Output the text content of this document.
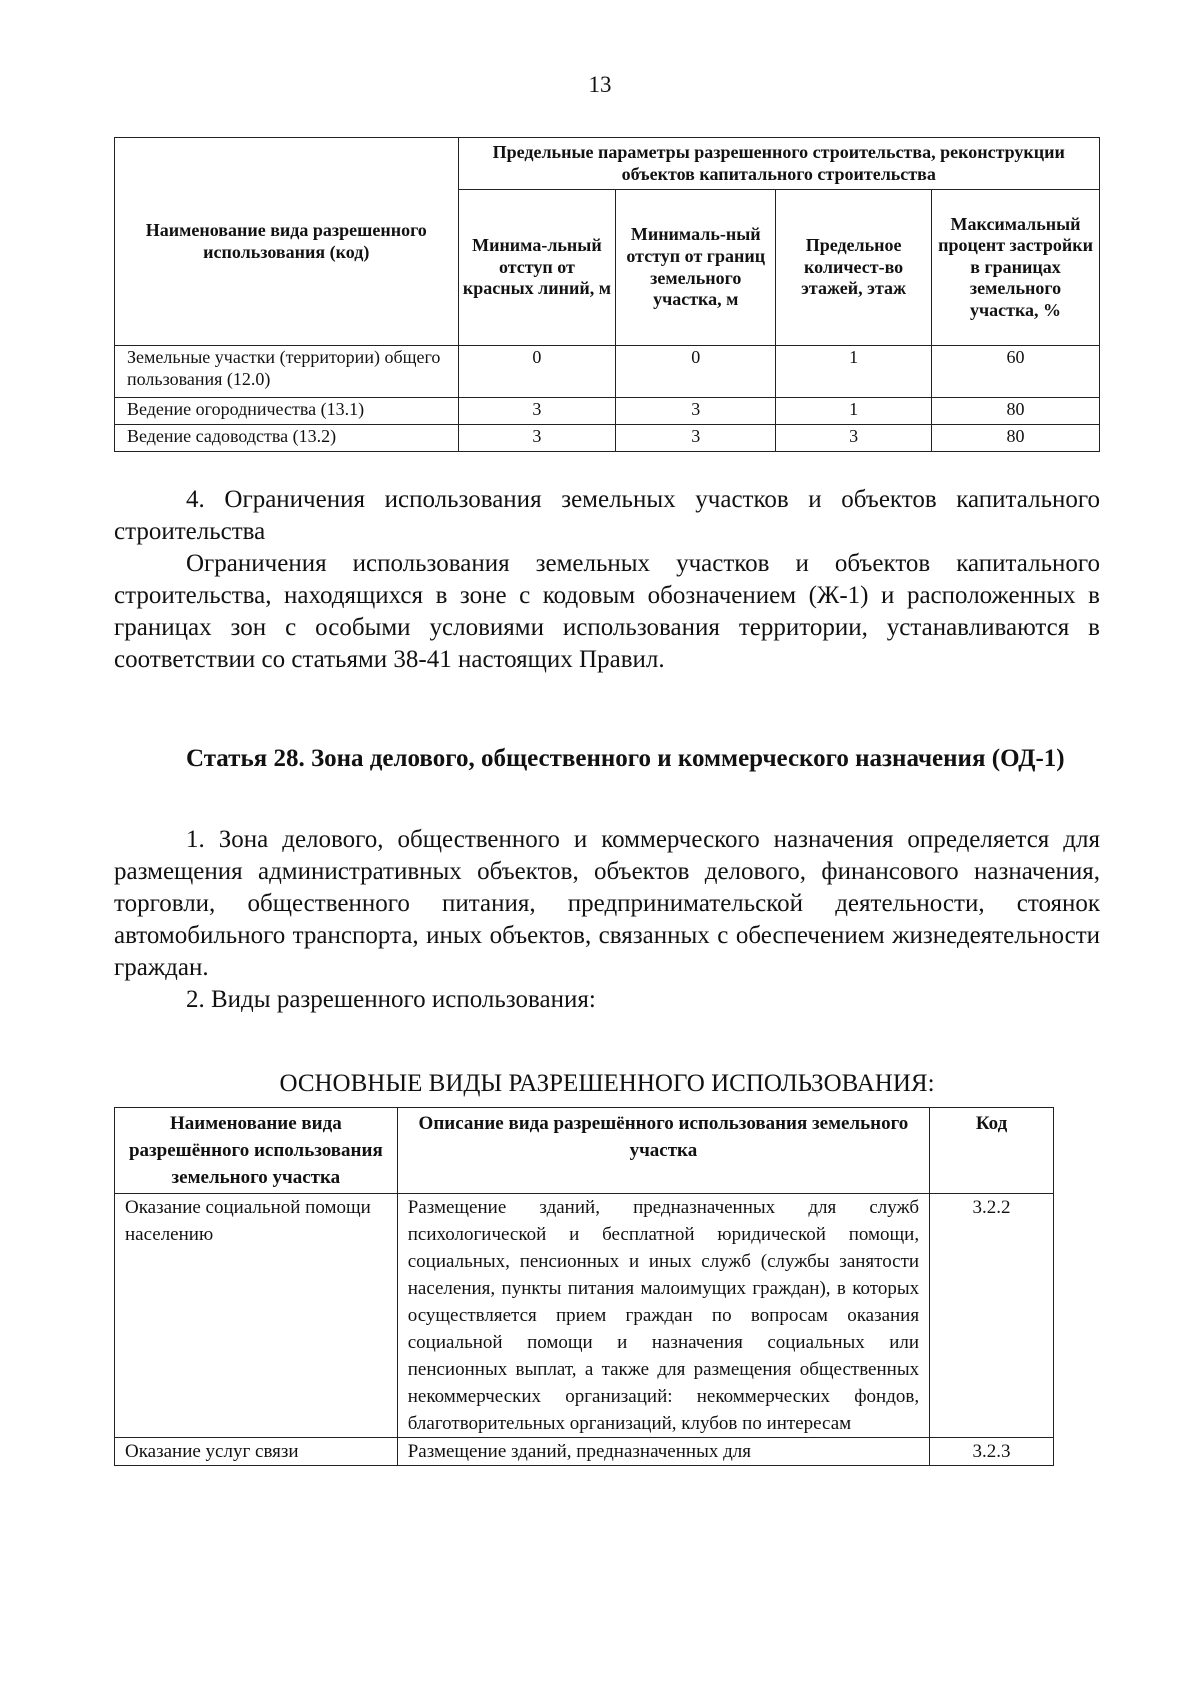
13
Наименование вида разрешенного использования (код)	Предельные параметры разрешенного строительства, реконструкции объектов капитального строительства			
	Минима-льный отступ от красных линий, м	Минималь-ный отступ от границ земельного участка, м	Предельное количест-во этажей, этаж	Максимальный процент застройки в границах земельного участка, %
Земельные участки (территории) общего пользования (12.0)	0	0	1	60
Ведение огородничества (13.1)	3	3	1	80
Ведение садоводства (13.2)	3	3	3	80
4. Ограничения использования земельных участков и объектов капитального строительства
Ограничения использования земельных участков и объектов капитального строительства, находящихся в зоне с кодовым обозначением (Ж-1) и расположенных в границах зон с особыми условиями использования территории, устанавливаются в соответствии со статьями 38-41 настоящих Правил.
Статья 28. Зона делового, общественного и коммерческого назначения (ОД-1)
1. Зона делового, общественного и коммерческого назначения определяется для размещения административных объектов, объектов делового, финансового назначения, торговли, общественного питания, предпринимательской деятельности, стоянок автомобильного транспорта, иных объектов, связанных с обеспечением жизнедеятельности граждан.
2. Виды разрешенного использования:
ОСНОВНЫЕ ВИДЫ РАЗРЕШЕННОГО ИСПОЛЬЗОВАНИЯ:
Наименование вида разрешённого использования земельного участка	Описание вида разрешённого использования земельного участка	Код
Оказание социальной помощи населению	Размещение зданий, предназначенных для служб психологической и бесплатной юридической помощи, социальных, пенсионных и иных служб (службы занятости населения, пункты питания малоимущих граждан), в которых осуществляется прием граждан по вопросам оказания социальной помощи и назначения социальных или пенсионных выплат, а также для размещения общественных некоммерческих организаций: некоммерческих фондов, благотворительных организаций, клубов по интересам	3.2.2
Оказание услуг связи	Размещение зданий, предназначенных для	3.2.3
